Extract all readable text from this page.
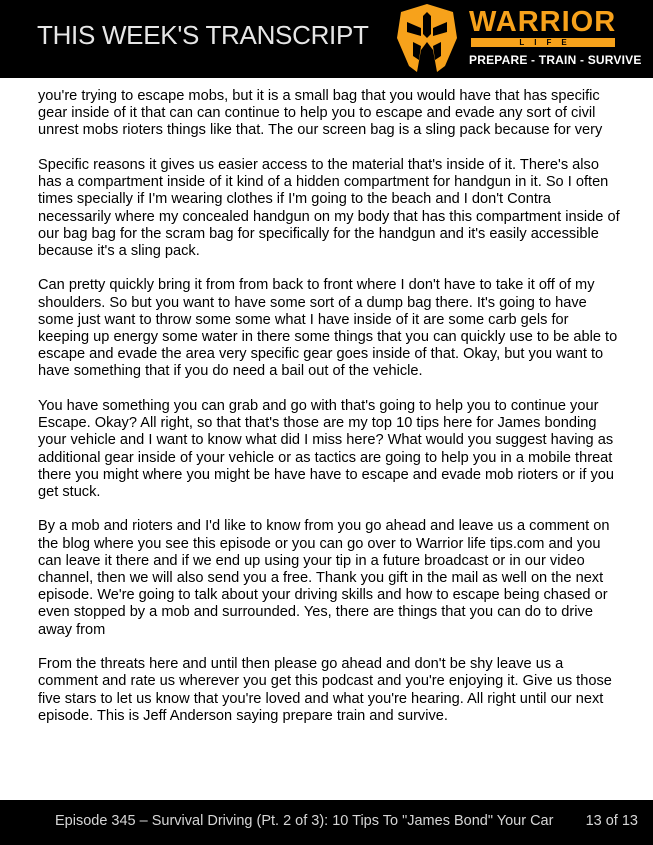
THIS WEEK'S TRANSCRIPT	WARRIOR
LIFE
PREPARE - TRAIN - SURVIVE

you're trying to escape mobs, but it is a small bag that you would have that has specific gear inside of it that can can continue to help you to escape and evade any sort of civil unrest mobs rioters things like that. The our screen bag is a sling pack because for very

Specific reasons it gives us easier access to the material that's inside of it. There's also has a compartment inside of it kind of a hidden compartment for handgun in it. So I often times specially if I'm wearing clothes if I'm going to the beach and I don't Contra necessarily where my concealed handgun on my body that has this compartment inside of our bag bag for the scram bag for specifically for the handgun and it's easily accessible because it's a sling pack.

Can pretty quickly bring it from from back to front where I don't have to take it off of my shoulders. So but you want to have some sort of a dump bag there. It's going to have some just want to throw some some what I have inside of it are some carb gels for keeping up energy some water in there some things that you can quickly use to be able to escape and evade the area very specific gear goes inside of that. Okay, but you want to have something that if you do need a bail out of the vehicle.

You have something you can grab and go with that's going to help you to continue your Escape. Okay? All right, so that that's those are my top 10 tips here for James bonding your vehicle and I want to know what did I miss here? What would you suggest having as additional gear inside of your vehicle or as tactics are going to help you in a mobile threat there you might where you might be have have to escape and evade mob rioters or if you get stuck.

By a mob and rioters and I'd like to know from you go ahead and leave us a comment on the blog where you see this episode or you can go over to Warrior life tips.com and you can leave it there and if we end up using your tip in a future broadcast or in our video channel, then we will also send you a free. Thank you gift in the mail as well on the next episode. We're going to talk about your driving skills and how to escape being chased or even stopped by a mob and surrounded. Yes, there are things that you can do to drive away from

From the threats here and until then please go ahead and don't be shy leave us a comment and rate us wherever you get this podcast and you're enjoying it. Give us those five stars to let us know that you're loved and what you're hearing. All right until our next episode. This is Jeff Anderson saying prepare train and survive.

Episode 345 – Survival Driving (Pt. 2 of 3): 10 Tips To "James Bond" Your Car 13 of 13
